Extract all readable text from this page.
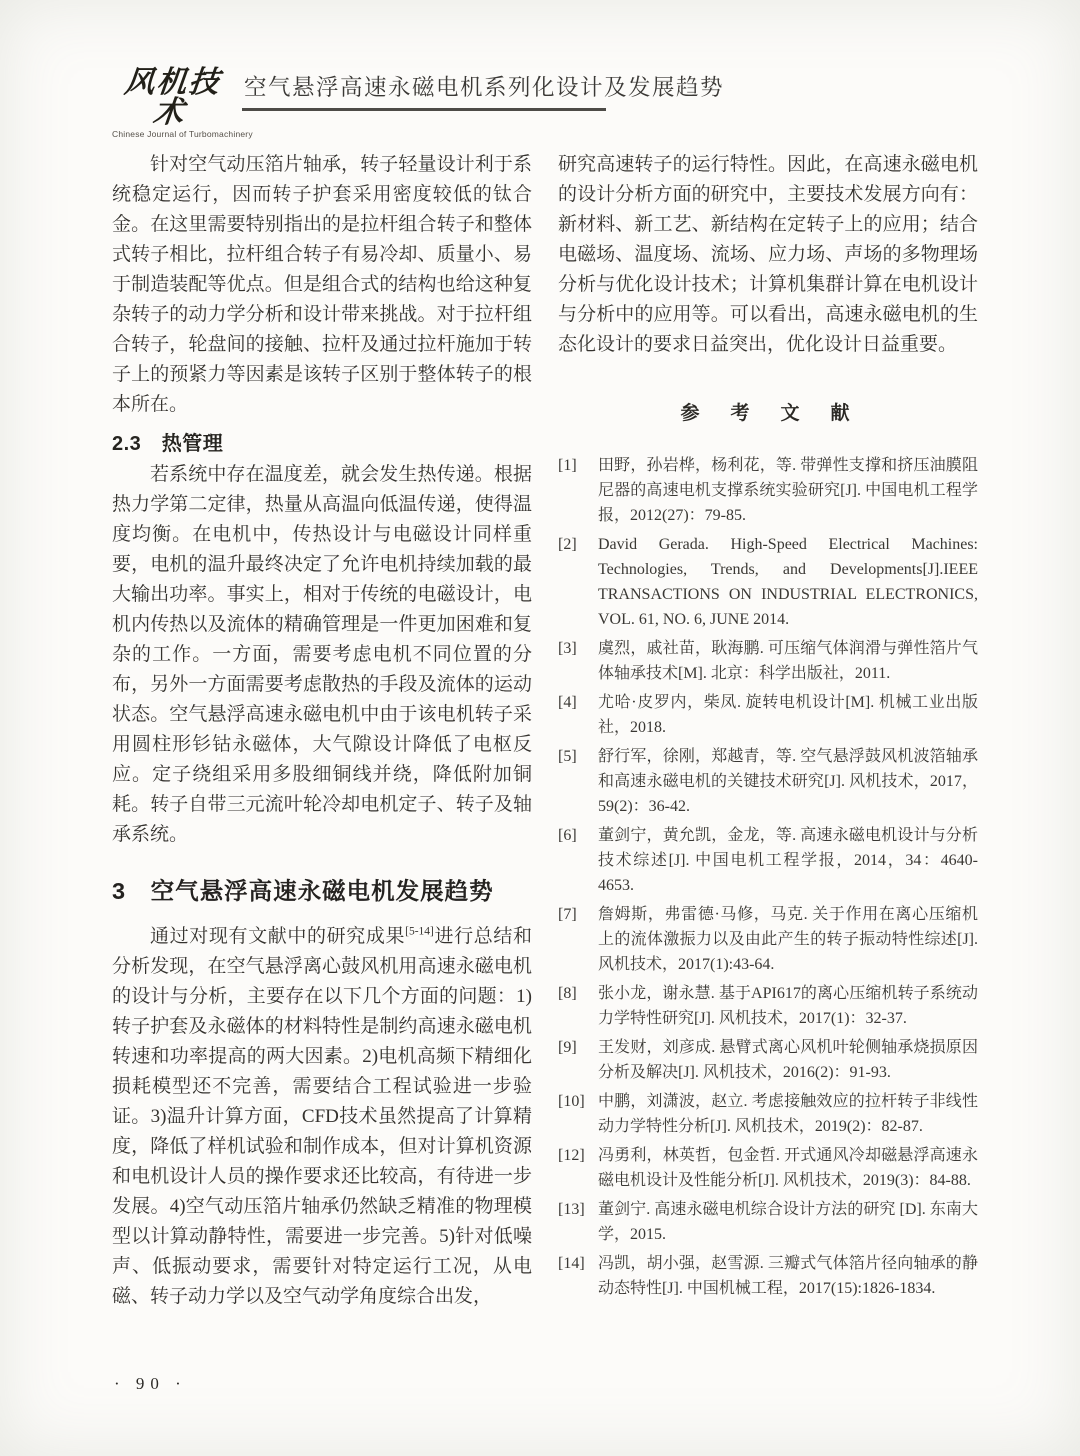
风机技术
Chinese Journal of Turbomachinery

空气悬浮高速永磁电机系列化设计及发展趋势

针对空气动压箔片轴承，转子轻量设计利于系统稳定运行，因而转子护套采用密度较低的钛合金。在这里需要特别指出的是拉杆组合转子和整体式转子相比，拉杆组合转子有易冷却、质量小、易于制造装配等优点。但是组合式的结构也给这种复杂转子的动力学分析和设计带来挑战。对于拉杆组合转子，轮盘间的接触、拉杆及通过拉杆施加于转子上的预紧力等因素是该转子区别于整体转子的根本所在。

2.3　热管理

若系统中存在温度差，就会发生热传递。根据热力学第二定律，热量从高温向低温传递，使得温度均衡。在电机中，传热设计与电磁设计同样重要，电机的温升最终决定了允许电机持续加载的最大输出功率。事实上，相对于传统的电磁设计，电机内传热以及流体的精确管理是一件更加困难和复杂的工作。一方面，需要考虑电机不同位置的分布，另外一方面需要考虑散热的手段及流体的运动状态。空气悬浮高速永磁电机中由于该电机转子采用圆柱形钐钴永磁体，大气隙设计降低了电枢反应。定子绕组采用多股细铜线并绕，降低附加铜耗。转子自带三元流叶轮冷却电机定子、转子及轴承系统。

3　空气悬浮高速永磁电机发展趋势

通过对现有文献中的研究成果[5-14]进行总结和分析发现，在空气悬浮离心鼓风机用高速永磁电机的设计与分析，主要存在以下几个方面的问题：1)转子护套及永磁体的材料特性是制约高速永磁电机转速和功率提高的两大因素。2)电机高频下精细化损耗模型还不完善，需要结合工程试验进一步验证。3)温升计算方面，CFD技术虽然提高了计算精度，降低了样机试验和制作成本，但对计算机资源和电机设计人员的操作要求还比较高，有待进一步发展。4)空气动压箔片轴承仍然缺乏精准的物理模型以计算动静特性，需要进一步完善。5)针对低噪声、低振动要求，需要针对特定运行工况，从电磁、转子动力学以及空气动学角度综合出发，

研究高速转子的运行特性。因此，在高速永磁电机的设计分析方面的研究中，主要技术发展方向有：新材料、新工艺、新结构在定转子上的应用；结合电磁场、温度场、流场、应力场、声场的多物理场分析与优化设计技术；计算机集群计算在电机设计与分析中的应用等。可以看出，高速永磁电机的生态化设计的要求日益突出，优化设计日益重要。

参　考　文　献
[1]	田野，孙岩桦，杨利花，等. 带弹性支撑和挤压油膜阻尼器的高速电机支撑系统实验研究[J]. 中国电机工程学报，2012(27)：79-85.
[2]	David Gerada. High-Speed Electrical Machines: Technologies, Trends, and Developments[J].IEEE TRANSACTIONS ON INDUSTRIAL ELECTRONICS, VOL. 61, NO. 6, JUNE 2014.
[3]	虞烈，戚社苗，耿海鹏. 可压缩气体润滑与弹性箔片气体轴承技术[M]. 北京：科学出版社，2011.
[4]	尤哈·皮罗内，柴凤. 旋转电机设计[M]. 机械工业出版社，2018.
[5]	舒行军，徐刚，郑越青，等. 空气悬浮鼓风机波箔轴承和高速永磁电机的关键技术研究[J]. 风机技术，2017，59(2)：36-42.
[6]	董剑宁，黄允凯，金龙，等. 高速永磁电机设计与分析技术综述[J]. 中国电机工程学报，2014，34：4640-4653.
[7]	詹姆斯，弗雷德·马修，马克. 关于作用在离心压缩机上的流体激振力以及由此产生的转子振动特性综述[J]. 风机技术，2017(1):43-64.
[8]	张小龙，谢永慧. 基于API617的离心压缩机转子系统动力学特性研究[J]. 风机技术，2017(1)：32-37.
[9]	王发财，刘彦成. 悬臂式离心风机叶轮侧轴承烧损原因分析及解决[J]. 风机技术，2016(2)：91-93.
[10] 中鹏，刘潇波，赵立. 考虑接触效应的拉杆转子非线性动力学特性分析[J]. 风机技术，2019(2)：82-87.
[12] 冯勇利，林英哲，包金哲. 开式通风冷却磁悬浮高速永磁电机设计及性能分析[J]. 风机技术，2019(3)：84-88.
[13] 董剑宁. 高速永磁电机综合设计方法的研究 [D]. 东南大学，2015.
[14] 冯凯，胡小强，赵雪源. 三瓣式气体箔片径向轴承的静动态特性[J]. 中国机械工程，2017(15):1826-1834.
· 90 ·
